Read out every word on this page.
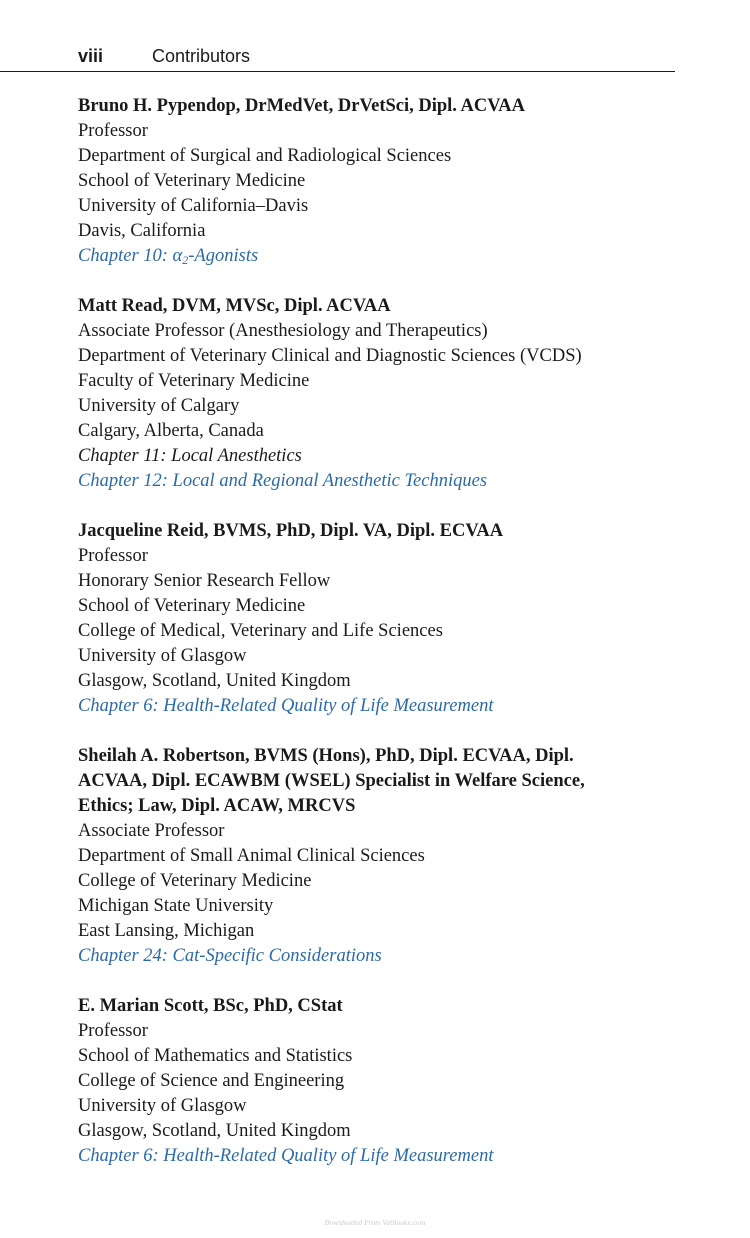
viii	Contributors
Bruno H. Pypendop, DrMedVet, DrVetSci, Dipl. ACVAA
Professor
Department of Surgical and Radiological Sciences
School of Veterinary Medicine
University of California–Davis
Davis, California
Chapter 10: $\alpha_2$-Agonists
Matt Read, DVM, MVSc, Dipl. ACVAA
Associate Professor (Anesthesiology and Therapeutics)
Department of Veterinary Clinical and Diagnostic Sciences (VCDS)
Faculty of Veterinary Medicine
University of Calgary
Calgary, Alberta, Canada
Chapter 11: Local Anesthetics
Chapter 12: Local and Regional Anesthetic Techniques
Jacqueline Reid, BVMS, PhD, Dipl. VA, Dipl. ECVAA
Professor
Honorary Senior Research Fellow
School of Veterinary Medicine
College of Medical, Veterinary and Life Sciences
University of Glasgow
Glasgow, Scotland, United Kingdom
Chapter 6: Health-Related Quality of Life Measurement
Sheilah A. Robertson, BVMS (Hons), PhD, Dipl. ECVAA, Dipl.
ACVAA, Dipl. ECAWBM (WSEL) Specialist in Welfare Science,
Ethics; Law, Dipl. ACAW, MRCVS
Associate Professor
Department of Small Animal Clinical Sciences
College of Veterinary Medicine
Michigan State University
East Lansing, Michigan
Chapter 24: Cat-Specific Considerations
E. Marian Scott, BSc, PhD, CStat
Professor
School of Mathematics and Statistics
College of Science and Engineering
University of Glasgow
Glasgow, Scotland, United Kingdom
Chapter 6: Health-Related Quality of Life Measurement
Downloaded From VetBooks.com
